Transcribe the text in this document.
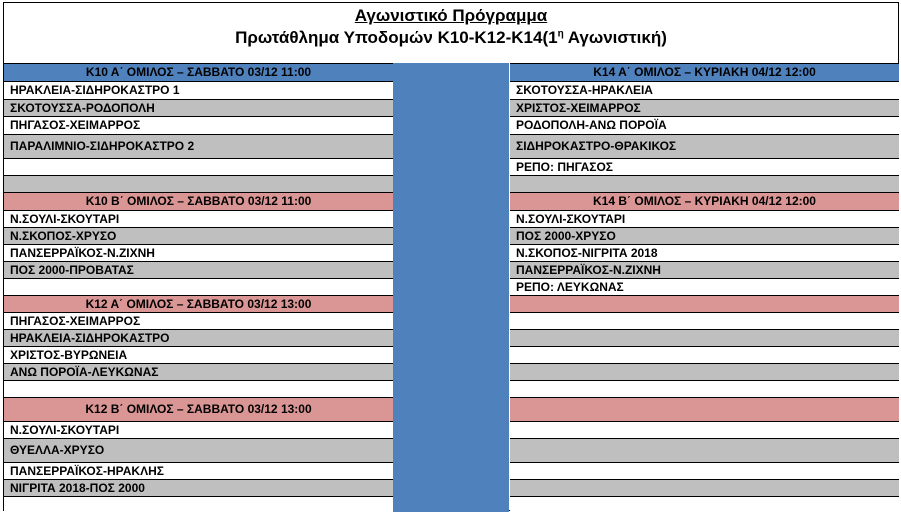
Αγωνιστικό Πρόγραμμα
Πρωτάθλημα Υποδομών $K10-K12-K14(1^\eta$ Αγωνιστική)
Κ10 Α΄ ΟΜΙΛΟΣ – ΣΑΒΒΑΤΟ 03/12 11:00
ΗΡΑΚΛΕΙΑ-ΣΙΔΗΡΟΚΑΣΤΡΟ 1
ΣΚΟΤΟΥΣΣΑ-ΡΟΔΟΠΟΛΗ
ΠΗΓΑΣΟΣ-ΧΕΙΜΑΡΡΟΣ
ΠΑΡΑΛΙΜΝΙΟ-ΣΙΔΗΡΟΚΑΣΤΡΟ 2
Κ10 Β΄ ΟΜΙΛΟΣ – ΣΑΒΒΑΤΟ 03/12 11:00
Ν.ΣΟΥΛΙ-ΣΚΟΥΤΑΡΙ
Ν.ΣΚΟΠΟΣ-ΧΡΥΣΟ
ΠΑΝΣΕΡΡΑΪΚΟΣ-Ν.ΖΙΧΝΗ
ΠΟΣ 2000-ΠΡΟΒΑΤΑΣ
Κ12 Α΄ ΟΜΙΛΟΣ – ΣΑΒΒΑΤΟ 03/12 13:00
ΠΗΓΑΣΟΣ-ΧΕΙΜΑΡΡΟΣ
ΗΡΑΚΛΕΙΑ-ΣΙΔΗΡΟΚΑΣΤΡΟ
ΧΡΙΣΤΟΣ-ΒΥΡΩΝΕΙΑ
ΑΝΩ ΠΟΡΟΪΑ-ΛΕΥΚΩΝΑΣ
Κ12 Β΄ ΟΜΙΛΟΣ – ΣΑΒΒΑΤΟ 03/12 13:00
Ν.ΣΟΥΛΙ-ΣΚΟΥΤΑΡΙ
ΘΥΕΛΛΑ-ΧΡΥΣΟ
ΠΑΝΣΕΡΡΑΪΚΟΣ-ΗΡΑΚΛΗΣ
ΝΙΓΡΙΤΑ 2018-ΠΟΣ 2000
Κ14 Α΄ ΟΜΙΛΟΣ – ΚΥΡΙΑΚΗ 04/12 12:00
ΣΚΟΤΟΥΣΣΑ-ΗΡΑΚΛΕΙΑ
ΧΡΙΣΤΟΣ-ΧΕΙΜΑΡΡΟΣ
ΡΟΔΟΠΟΛΗ-ΑΝΩ ΠΟΡΟΪΑ
ΣΙΔΗΡΟΚΑΣΤΡΟ-ΘΡΑΚΙΚΟΣ
ΡΕΠΟ: ΠΗΓΑΣΟΣ
Κ14 Β΄ ΟΜΙΛΟΣ – ΚΥΡΙΑΚΗ 04/12 12:00
Ν.ΣΟΥΛΙ-ΣΚΟΥΤΑΡΙ
ΠΟΣ 2000-ΧΡΥΣΟ
Ν.ΣΚΟΠΟΣ-ΝΙΓΡΙΤΑ 2018
ΠΑΝΣΕΡΡΑΪΚΟΣ-Ν.ΖΙΧΝΗ
ΡΕΠΟ: ΛΕΥΚΩΝΑΣ
